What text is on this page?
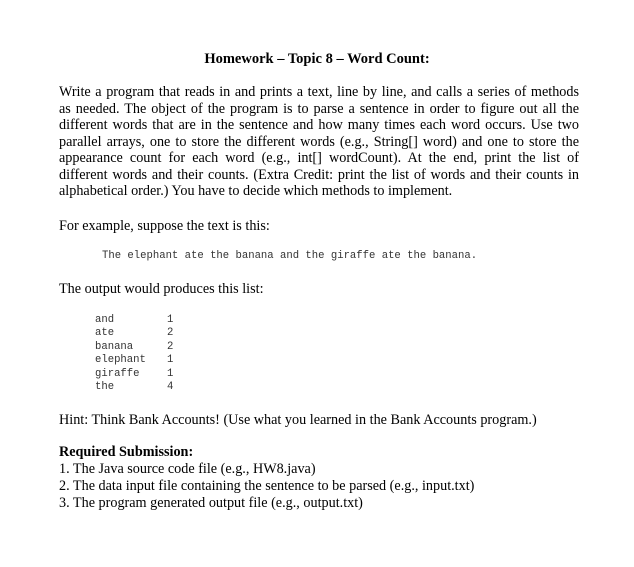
Homework – Topic 8 – Word Count:
Write a program that reads in and prints a text, line by line, and calls a series of methods
as needed. The object of the program is to parse a sentence in order to figure out all the
different words that are in the sentence and how many times each word occurs. Use two
parallel arrays, one to store the different words (e.g., String[] word) and one to store the
appearance count for each word (e.g., int[] wordCount). At the end, print the list of
different words and their counts. (Extra Credit: print the list of words and their counts in
alphabetical order.) You have to decide which methods to implement.
For example, suppose the text is this:
The elephant ate the banana and the giraffe ate the banana.
The output would produces this list:
and	1
ate	2
banana	2
elephant	1
giraffe	1
the	4
Hint: Think Bank Accounts! (Use what you learned in the Bank Accounts program.)
Required Submission:
1. The Java source code file (e.g., HW8.java)
2. The data input file containing the sentence to be parsed (e.g., input.txt)
3. The program generated output file (e.g., output.txt)
